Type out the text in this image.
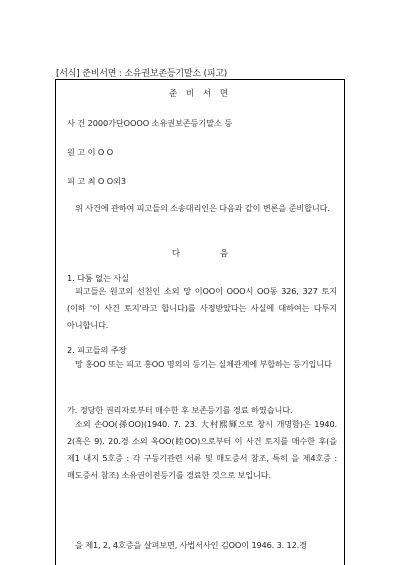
[서식] 준비서면 : 소유권보존등기말소 (피고)
준 비 서 면
사 건 2000가단OOOO 소유권보존등기말소 등
원 고 이 O O
피 고 최 O O외3
위 사건에 관하여 피고들의 소송대리인은 다음과 같이 변론을 준비합니다.
다	음
1. 다툼 없는 사실
피고들은 원고의 선친인 소외 망 이OO이 OOO시 OO동 326, 327 토지(이하 '이 사건 토지'라고 합니다)를 사정받았다는 사실에 대하여는 다투지 아니합니다.
2. 피고들의 주장
망 홍OO 또는 피고 홍OO 명의의 등기는 실체관계에 부합하는 등기입니다
가. 정당한 권리자로부터 매수한 후 보존등기를 경료 하였습니다.
소외 손OO(孫OO)(1940. 7. 23. 大村熙輝으로 창시 개명함)은 1940. 2(혹은 9). 20.경 소외 옥OO(睦OO)으로부터 이 사건 토지를 매수한 후(을 제1 내지 5호증 : 각 구등기관련 서류 및 매도증서 참조, 특히 을 제4호증 : 매도증서 참조) 소유권이전등기를 경료한 것으로 보입니다.
을 제1, 2, 4호증을 살펴보면, 사법서사인 김OO이 1946. 3. 12.경
